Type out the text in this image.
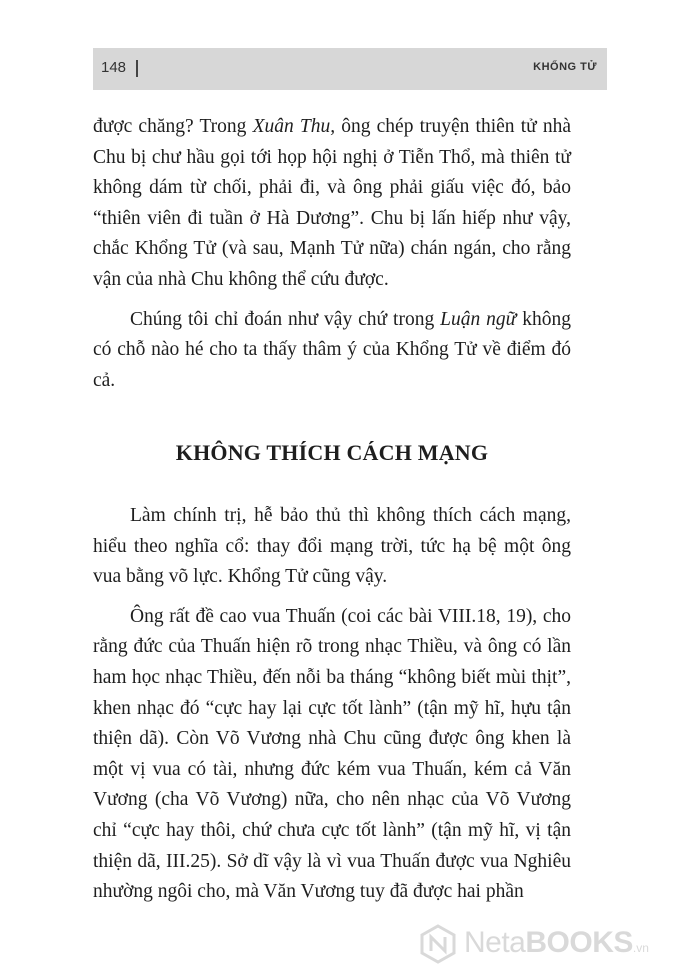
148	KHỔNG TỬ

được chăng? Trong Xuân Thu, ông chép truyện thiên tử nhà Chu bị chư hầu gọi tới họp hội nghị ở Tiễn Thổ, mà thiên tử không dám từ chối, phải đi, và ông phải giấu việc đó, bảo “thiên viên đi tuần ở Hà Dương”. Chu bị lấn hiếp như vậy, chắc Khổng Tử (và sau, Mạnh Tử nữa) chán ngán, cho rằng vận của nhà Chu không thể cứu được.

Chúng tôi chỉ đoán như vậy chứ trong Luận ngữ không có chỗ nào hé cho ta thấy thâm ý của Khổng Tử về điểm đó cả.

KHÔNG THÍCH CÁCH MẠNG

Làm chính trị, hễ bảo thủ thì không thích cách mạng, hiểu theo nghĩa cổ: thay đổi mạng trời, tức hạ bệ một ông vua bằng võ lực. Khổng Tử cũng vậy.

Ông rất đề cao vua Thuấn (coi các bài VIII.18, 19), cho rằng đức của Thuấn hiện rõ trong nhạc Thiều, và ông có lần ham học nhạc Thiều, đến nỗi ba tháng “không biết mùi thịt”, khen nhạc đó “cực hay lại cực tốt lành” (tận mỹ hĩ, hựu tận thiện dã). Còn Võ Vương nhà Chu cũng được ông khen là một vị vua có tài, nhưng đức kém vua Thuấn, kém cả Văn Vương (cha Võ Vương) nữa, cho nên nhạc của Võ Vương chỉ “cực hay thôi, chứ chưa cực tốt lành” (tận mỹ hĩ, vị tận thiện dã, III.25). Sở dĩ vậy là vì vua Thuấn được vua Nghiêu nhường ngôi cho, mà Văn Vương tuy đã được hai phần

NetaBOOKS.vn
